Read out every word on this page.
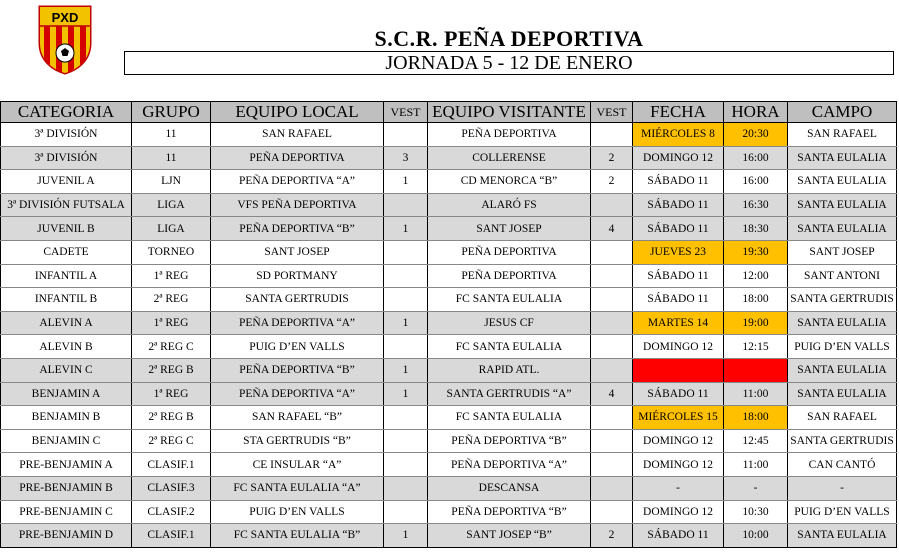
PXD
S.C.R. PEÑA DEPORTIVA
JORNADA 5 - 12 DE ENERO
CATEGORIA	GRUPO	EQUIPO LOCAL	VEST	EQUIPO VISITANTE	VEST	FECHA	HORA	CAMPO
3ª DIVISIÓN	11	SAN RAFAEL		PEÑA DEPORTIVA		MIÉRCOLES 8	20:30	SAN RAFAEL
3ª DIVISIÓN	11	PEÑA DEPORTIVA	3	COLLERENSE	2	DOMINGO 12	16:00	SANTA EULALIA
JUVENIL A	LJN	PEÑA DEPORTIVA “A”	1	CD MENORCA “B”	2	SÁBADO 11	16:00	SANTA EULALIA
3ª DIVISIÓN FUTSALA	LIGA	VFS PEÑA DEPORTIVA		ALARÓ FS		SÁBADO 11	16:30	SANTA EULALIA
JUVENIL B	LIGA	PEÑA DEPORTIVA “B”	1	SANT JOSEP	4	SÁBADO 11	18:30	SANTA EULALIA
CADETE	TORNEO	SANT JOSEP		PEÑA DEPORTIVA		JUEVES 23	19:30	SANT JOSEP
INFANTIL A	1ª REG	SD PORTMANY		PEÑA DEPORTIVA		SÁBADO 11	12:00	SANT ANTONI
INFANTIL B	2ª REG	SANTA GERTRUDIS		FC SANTA EULALIA		SÁBADO 11	18:00	SANTA GERTRUDIS
ALEVIN A	1ª REG	PEÑA DEPORTIVA “A”	1	JESUS CF		MARTES 14	19:00	SANTA EULALIA
ALEVIN B	2ª REG C	PUIG D’EN VALLS		FC SANTA EULALIA		DOMINGO 12	12:15	PUIG D’EN VALLS
ALEVIN C	2ª REG B	PEÑA DEPORTIVA “B”	1	RAPID ATL.				SANTA EULALIA
BENJAMIN A	1ª REG	PEÑA DEPORTIVA “A”	1	SANTA GERTRUDIS “A”	4	SÁBADO 11	11:00	SANTA EULALIA
BENJAMIN B	2ª REG B	SAN RAFAEL “B”		FC SANTA EULALIA		MIÉRCOLES 15	18:00	SAN RAFAEL
BENJAMIN C	2ª REG C	STA GERTRUDIS “B”		PEÑA DEPORTIVA “B”		DOMINGO 12	12:45	SANTA GERTRUDIS
PRE-BENJAMIN A	CLASIF.1	CE INSULAR “A”		PEÑA DEPORTIVA “A”		DOMINGO 12	11:00	CAN CANTÓ
PRE-BENJAMIN B	CLASIF.3	FC SANTA EULALIA “A”		DESCANSA		-	-	-
PRE-BENJAMIN C	CLASIF.2	PUIG D’EN VALLS		PEÑA DEPORTIVA “B”		DOMINGO 12	10:30	PUIG D’EN VALLS
PRE-BENJAMIN D	CLASIF.1	FC SANTA EULALIA “B”	1	SANT JOSEP “B”	2	SÁBADO 11	10:00	SANTA EULALIA
